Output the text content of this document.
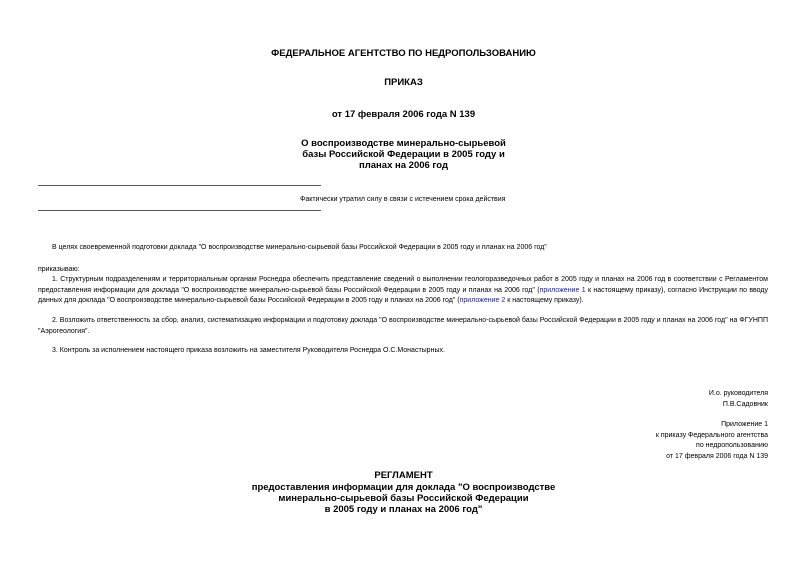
ФЕДЕРАЛЬНОЕ АГЕНТСТВО ПО НЕДРОПОЛЬЗОВАНИЮ
ПРИКАЗ
от 17 февраля 2006 года N 139
О воспроизводстве минерально-сырьевой
базы Российской Федерации в 2005 году и
планах на 2006 год
Фактически утратил силу в связи с истечением срока действия
В целях своевременной подготовки доклада "О воспроизводстве минерально-сырьевой базы Российской Федерации в 2005 году и планах на 2006 год"
приказываю:
1. Структурным подразделениям и территориальным органам Роснедра обеспечить представление сведений о выполнении геологоразведочных работ в 2005 году и планах на 2006 год в соответствии с Регламентом предоставления информации для доклада "О воспроизводстве минерально-сырьевой базы Российской Федерации в 2005 году и планах на 2006 год" (приложение 1 к настоящему приказу), согласно Инструкции по вводу данных для доклада "О воспроизводстве минерально-сырьевой базы Российской Федерации в 2005 году и планах на 2006 год" (приложение 2 к настоящему приказу).
2. Возложить ответственность за сбор, анализ, систематизацию информации и подготовку доклада "О воспроизводстве минерально-сырьевой базы Российской Федерации в 2005 году и планах на 2006 год" на ФГУНПП "Аэрогеология".
3. Контроль за исполнением настоящего приказа возложить на заместителя Руководителя Роснедра О.С.Монастырных.
И.о. руководителя
П.В.Садовник
Приложение 1
к приказу Федерального агентства
по недропользованию
от 17 февраля 2006 года N 139
РЕГЛАМЕНТ
предоставления информации для доклада "О воспроизводстве
минерально-сырьевой базы Российской Федерации
в 2005 году и планах на 2006 год"
